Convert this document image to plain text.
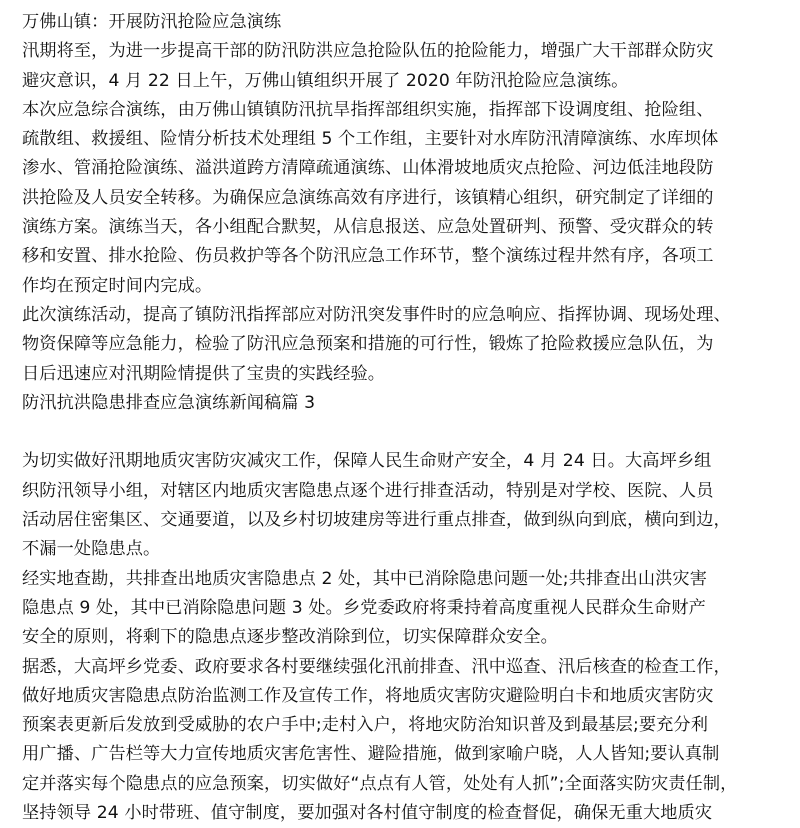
万佛山镇：开展防汛抢险应急演练

汛期将至，为进一步提高干部的防汛防洪应急抢险队伍的抢险能力，增强广大干部群众防灾

避灾意识，4 月 22 日上午，万佛山镇组织开展了 2020 年防汛抢险应急演练。

本次应急综合演练，由万佛山镇镇防汛抗旱指挥部组织实施，指挥部下设调度组、抢险组、

疏散组、救援组、险情分析技术处理组 5 个工作组，主要针对水库防汛清障演练、水库坝体

渗水、管涌抢险演练、溢洪道跨方清障疏通演练、山体滑坡地质灾点抢险、河边低洼地段防

洪抢险及人员安全转移。为确保应急演练高效有序进行，该镇精心组织，研究制定了详细的

演练方案。演练当天，各小组配合默契，从信息报送、应急处置研判、预警、受灾群众的转

移和安置、排水抢险、伤员救护等各个防汛应急工作环节，整个演练过程井然有序，各项工

作均在预定时间内完成。

此次演练活动，提高了镇防汛指挥部应对防汛突发事件时的应急响应、指挥协调、现场处理、

物资保障等应急能力，检验了防汛应急预案和措施的可行性，锻炼了抢险救援应急队伍，为

日后迅速应对汛期险情提供了宝贵的实践经验。

防汛抗洪隐患排查应急演练新闻稿篇 3

为切实做好汛期地质灾害防灾减灾工作，保障人民生命财产安全，4 月 24 日。大高坪乡组

织防汛领导小组，对辖区内地质灾害隐患点逐个进行排查活动，特别是对学校、医院、人员

活动居住密集区、交通要道，以及乡村切坡建房等进行重点排查，做到纵向到底，横向到边，

不漏一处隐患点。

经实地查勘，共排查出地质灾害隐患点 2 处，其中已消除隐患问题一处;共排查出山洪灾害

隐患点 9 处，其中已消除隐患问题 3 处。乡党委政府将秉持着高度重视人民群众生命财产

安全的原则，将剩下的隐患点逐步整改消除到位，切实保障群众安全。

据悉，大高坪乡党委、政府要求各村要继续强化汛前排查、汛中巡查、汛后核查的检查工作，

做好地质灾害隐患点防治监测工作及宣传工作，将地质灾害防灾避险明白卡和地质灾害防灾

预案表更新后发放到受威胁的农户手中;走村入户，将地灾防治知识普及到最基层;要充分利

用广播、广告栏等大力宣传地质灾害危害性、避险措施，做到家喻户晓，人人皆知;要认真制

定并落实每个隐患点的应急预案，切实做好“点点有人管，处处有人抓”;全面落实防灾责任制，

坚持领导 24 小时带班、值守制度，要加强对各村值守制度的检查督促，确保无重大地质灾
